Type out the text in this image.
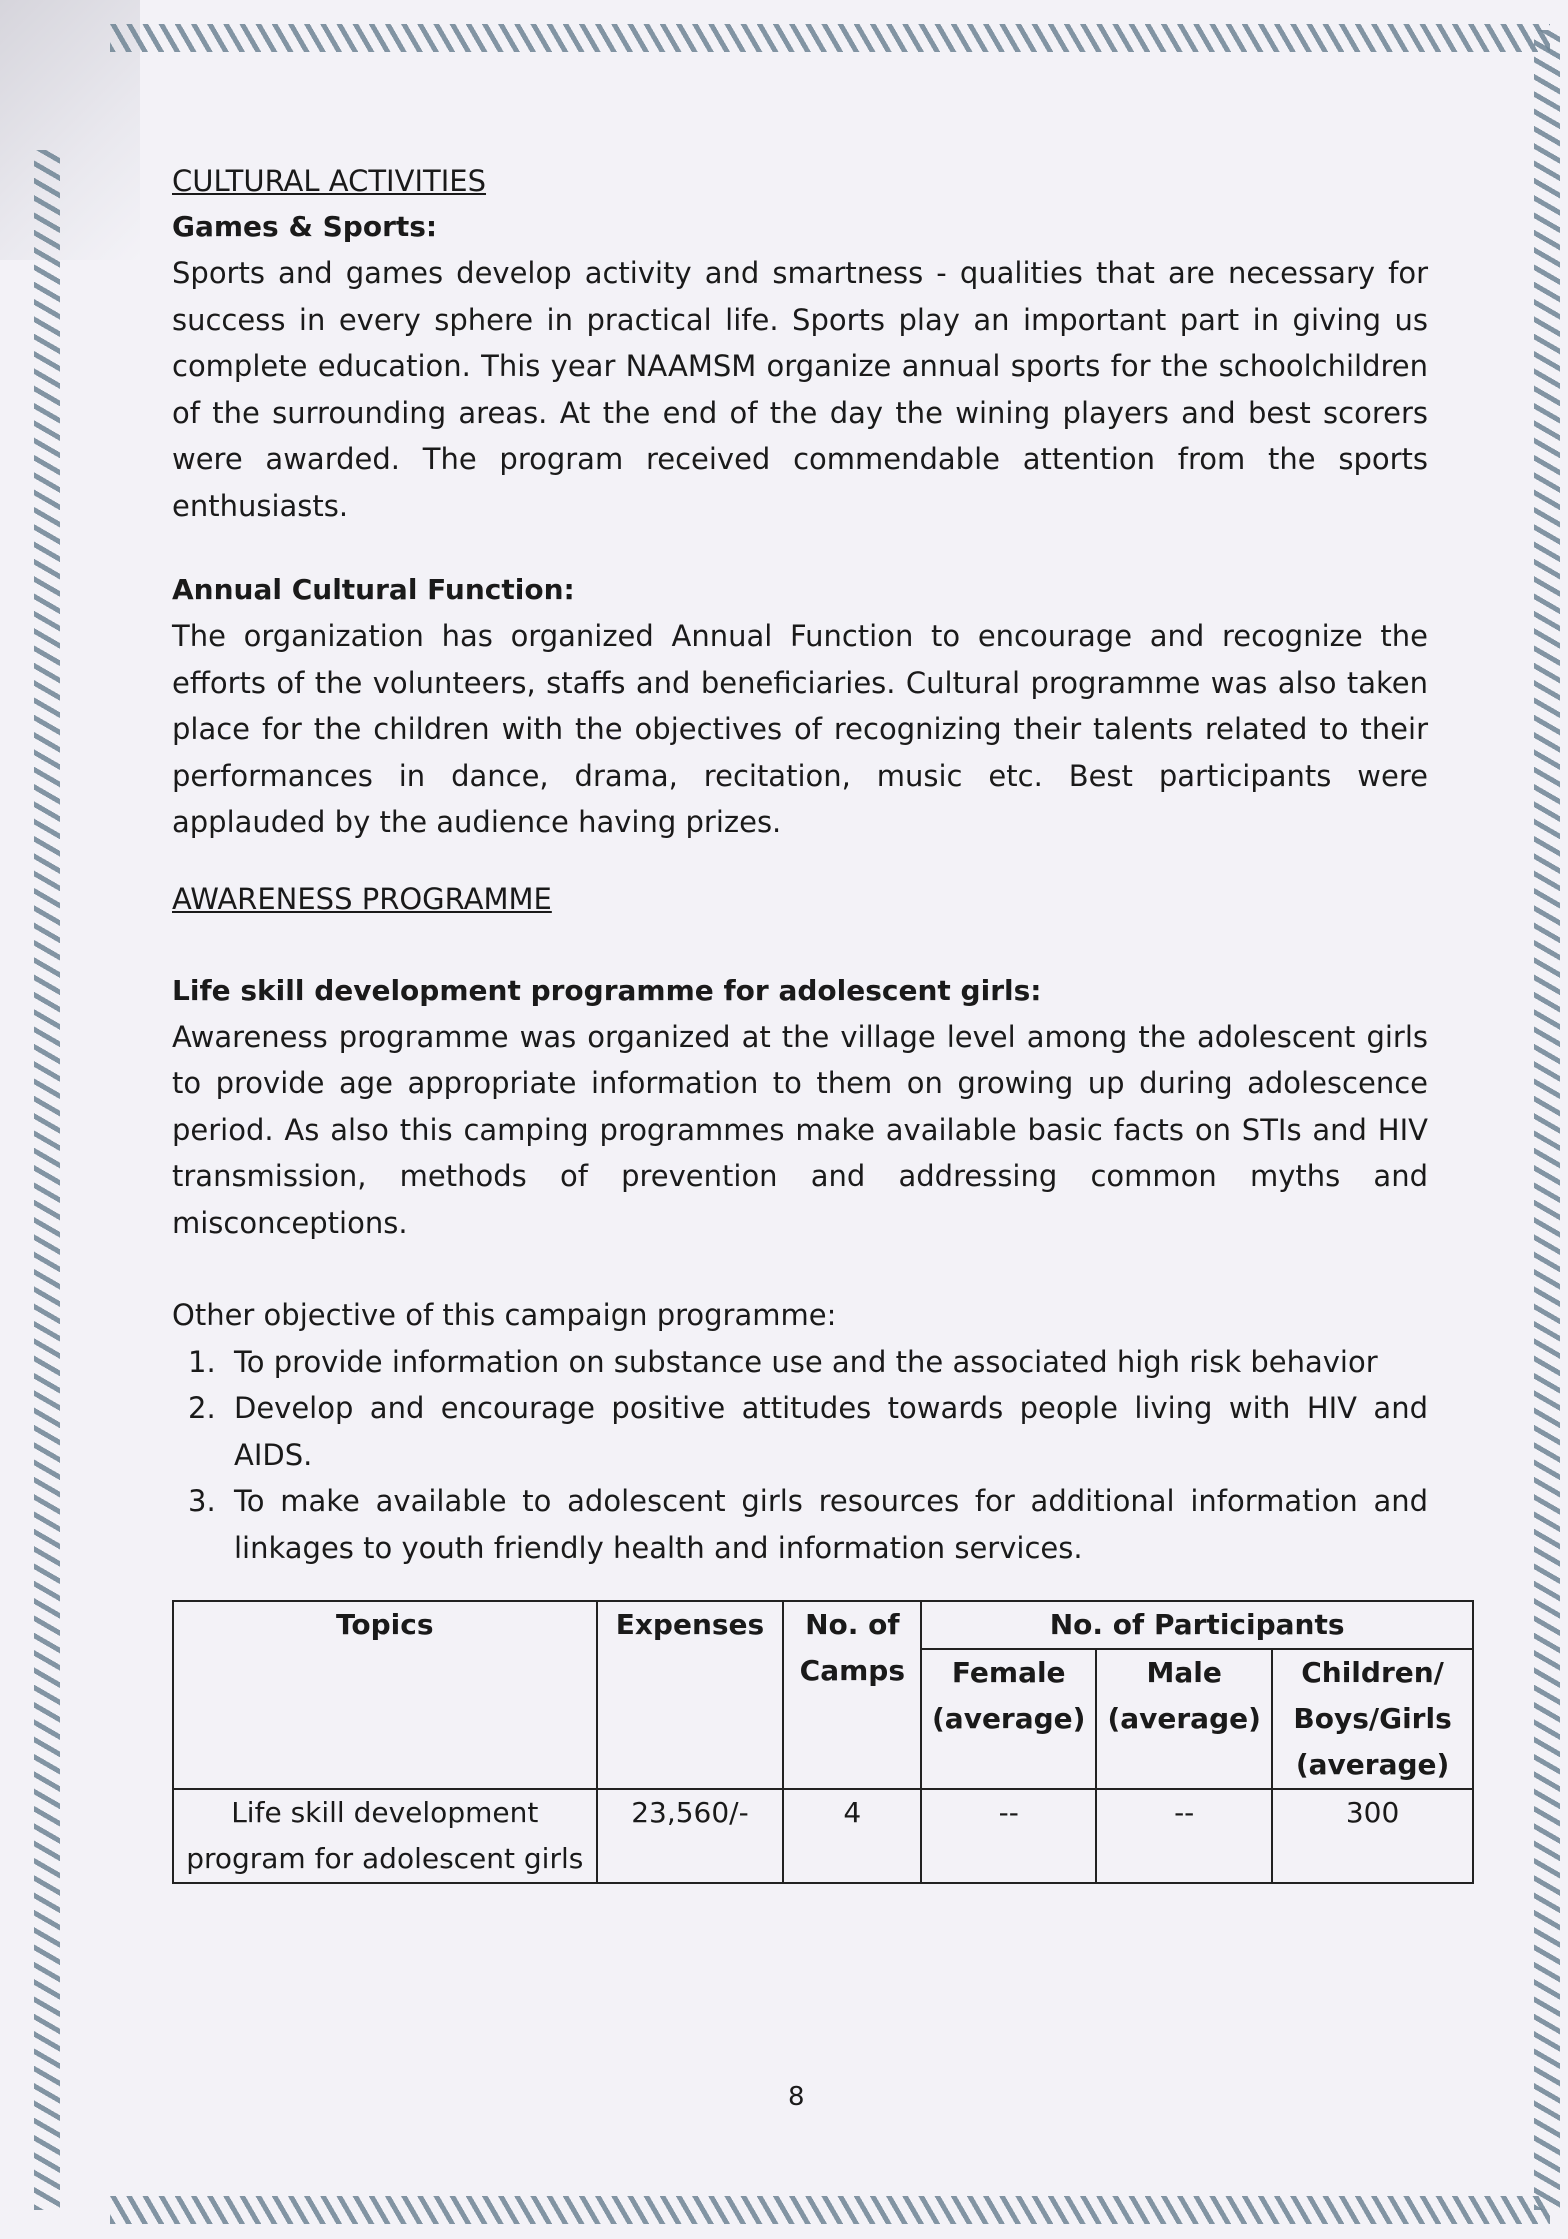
CULTURAL ACTIVITIES

Games & Sports:

Sports and games develop activity and smartness - qualities that are necessary for success in every sphere in practical life. Sports play an important part in giving us complete education. This year NAAMSM organize annual sports for the schoolchildren of the surrounding areas. At the end of the day the wining players and best scorers were awarded. The program received commendable attention from the sports enthusiasts.

Annual Cultural Function:

The organization has organized Annual Function to encourage and recognize the efforts of the volunteers, staffs and beneficiaries. Cultural programme was also taken place for the children with the objectives of recognizing their talents related to their performances in dance, drama, recitation, music etc. Best participants were applauded by the audience having prizes.

AWARENESS PROGRAMME

Life skill development programme for adolescent girls:

Awareness programme was organized at the village level among the adolescent girls to provide age appropriate information to them on growing up during adolescence period. As also this camping programmes make available basic facts on STIs and HIV transmission, methods of prevention and addressing common myths and misconceptions.

Other objective of this campaign programme:

To provide information on substance use and the associated high risk behavior
Develop and encourage positive attitudes towards people living with HIV and AIDS.
To make available to adolescent girls resources for additional information and linkages to youth friendly health and information services.
Topics	Expenses	No. of Camps	No. of Participants		
			Female (average)	Male (average)	Children/ Boys/Girls (average)
Life skill development program for adolescent girls	23,560/-	4	--	--	300
8
